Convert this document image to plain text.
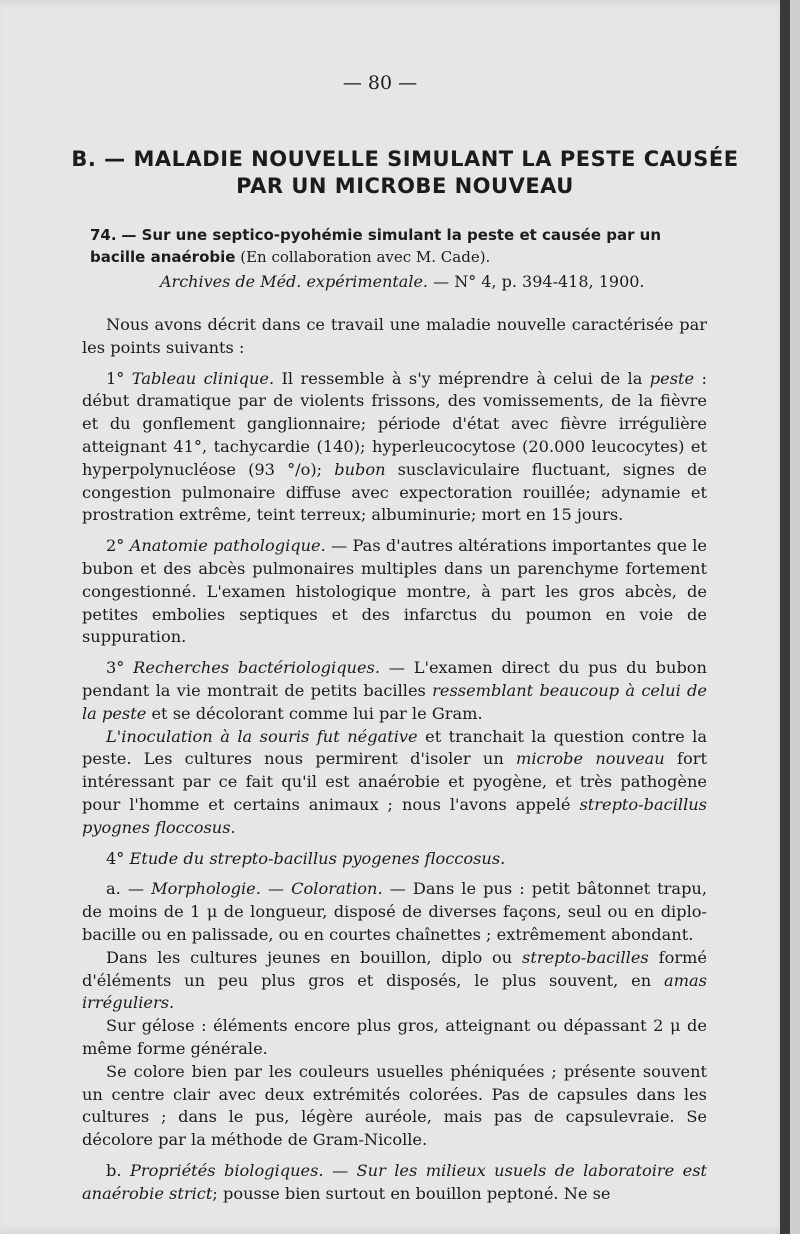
— 80 —
B. — MALADIE NOUVELLE SIMULANT LA PESTE CAUSÉE
PAR UN MICROBE NOUVEAU
74. — Sur une septico-pyohémie simulant la peste et causée par un bacille anaérobie (En collaboration avec M. Cade).
Archives de Méd. expérimentale. — N° 4, p. 394-418, 1900.

Nous avons décrit dans ce travail une maladie nouvelle caractérisée par les points suivants :

1° Tableau clinique. Il ressemble à s'y méprendre à celui de la peste : début dramatique par de violents frissons, des vomissements, de la fièvre et du gonflement ganglionnaire; période d'état avec fièvre irrégulière atteignant 41°, tachycardie (140); hyperleucocytose (20.000 leucocytes) et hyperpolynucléose (93 °/o); bubon susclaviculaire fluctuant, signes de congestion pulmonaire diffuse avec expectoration rouillée; adynamie et prostration extrême, teint terreux; albuminurie; mort en 15 jours.

2° Anatomie pathologique. — Pas d'autres altérations importantes que le bubon et des abcès pulmonaires multiples dans un parenchyme fortement congestionné. L'examen histologique montre, à part les gros abcès, de petites embolies septiques et des infarctus du poumon en voie de suppuration.

3° Recherches bactériologiques. — L'examen direct du pus du bubon pendant la vie montrait de petits bacilles ressemblant beaucoup à celui de la peste et se décolorant comme lui par le Gram.

L'inoculation à la souris fut négative et tranchait la question contre la peste. Les cultures nous permirent d'isoler un microbe nouveau fort intéressant par ce fait qu'il est anaérobie et pyogène, et très pathogène pour l'homme et certains animaux ; nous l'avons appelé strepto-bacillus pyognes floccosus.

4° Etude du strepto-bacillus pyogenes floccosus.

a. — Morphologie. — Coloration. — Dans le pus : petit bâtonnet trapu, de moins de 1 μ de longueur, disposé de diverses façons, seul ou en diplo-bacille ou en palissade, ou en courtes chaînettes ; extrêmement abondant.

Dans les cultures jeunes en bouillon, diplo ou strepto-bacilles formé d'éléments un peu plus gros et disposés, le plus souvent, en amas irréguliers.

Sur gélose : éléments encore plus gros, atteignant ou dépassant 2 μ de même forme générale.

Se colore bien par les couleurs usuelles phéniquées ; présente souvent un centre clair avec deux extrémités colorées. Pas de capsules dans les cultures ; dans le pus, légère auréole, mais pas de capsulevraie. Se décolore par la méthode de Gram-Nicolle.

b. Propriétés biologiques. — Sur les milieux usuels de laboratoire est anaérobie strict; pousse bien surtout en bouillon peptoné. Ne se
